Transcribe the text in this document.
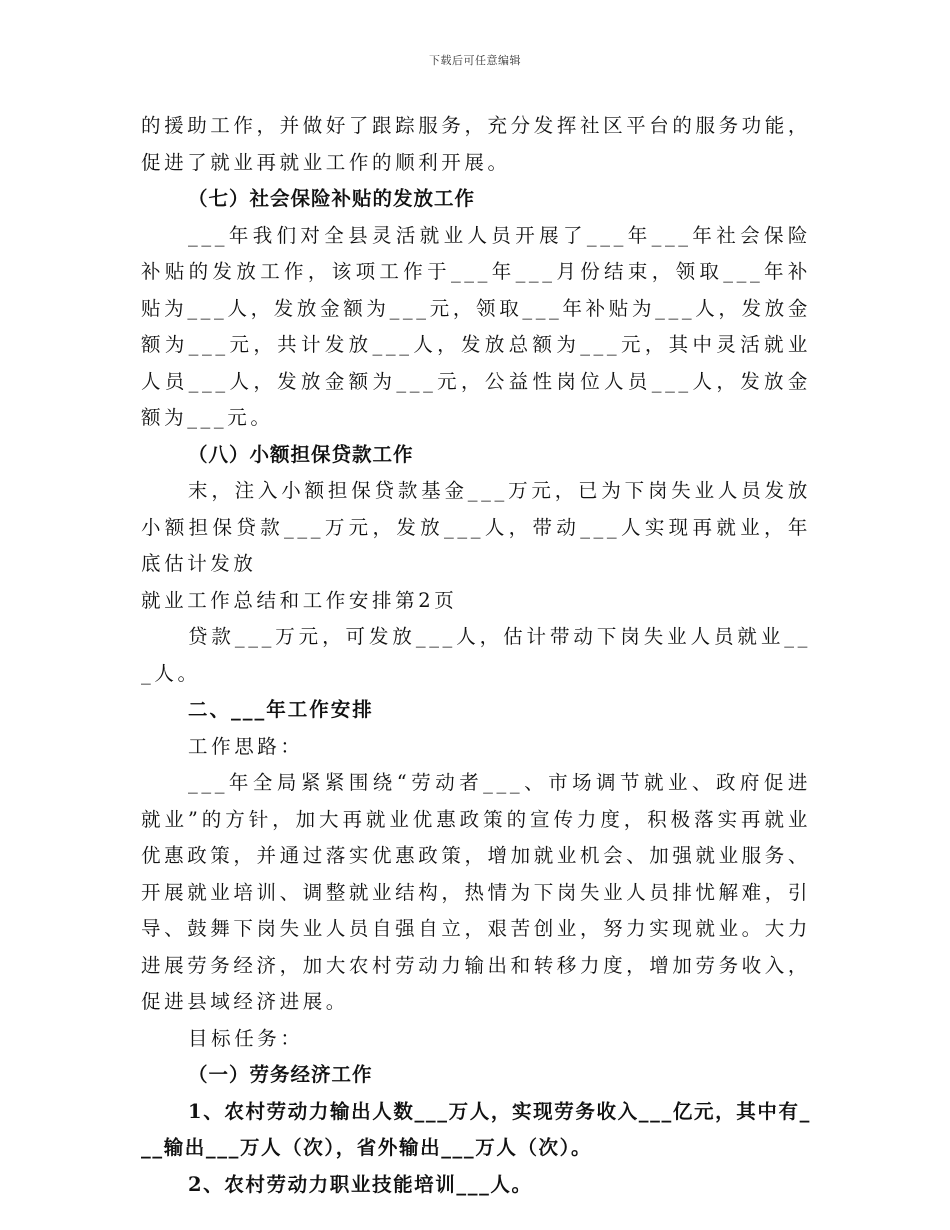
下载后可任意编辑

的援助工作，并做好了跟踪服务，充分发挥社区平台的服务功能，促进了就业再就业工作的顺利开展。

（七）社会保险补贴的发放工作

___年我们对全县灵活就业人员开展了___年___年社会保险补贴的发放工作，该项工作于___年___月份结束，领取___年补贴为___人，发放金额为___元，领取___年补贴为___人，发放金额为___元，共计发放___人，发放总额为___元，其中灵活就业人员___人，发放金额为___元，公益性岗位人员___人，发放金额为___元。

（八）小额担保贷款工作

末，注入小额担保贷款基金___万元，已为下岗失业人员发放小额担保贷款___万元，发放___人，带动___人实现再就业，年底估计发放

就业工作总结和工作安排第2页

贷款___万元，可发放___人，估计带动下岗失业人员就业___人。

二、___年工作安排

工作思路：

___年全局紧紧围绕“劳动者___、市场调节就业、政府促进就业”的方针，加大再就业优惠政策的宣传力度，积极落实再就业优惠政策，并通过落实优惠政策，增加就业机会、加强就业服务、开展就业培训、调整就业结构，热情为下岗失业人员排忧解难，引导、鼓舞下岗失业人员自强自立，艰苦创业，努力实现就业。大力进展劳务经济，加大农村劳动力输出和转移力度，增加劳务收入，促进县域经济进展。

目标任务：

（一）劳务经济工作

1、农村劳动力输出人数___万人，实现劳务收入___亿元，其中有___输出___万人（次），省外输出___万人（次）。

2、农村劳动力职业技能培训___人。
